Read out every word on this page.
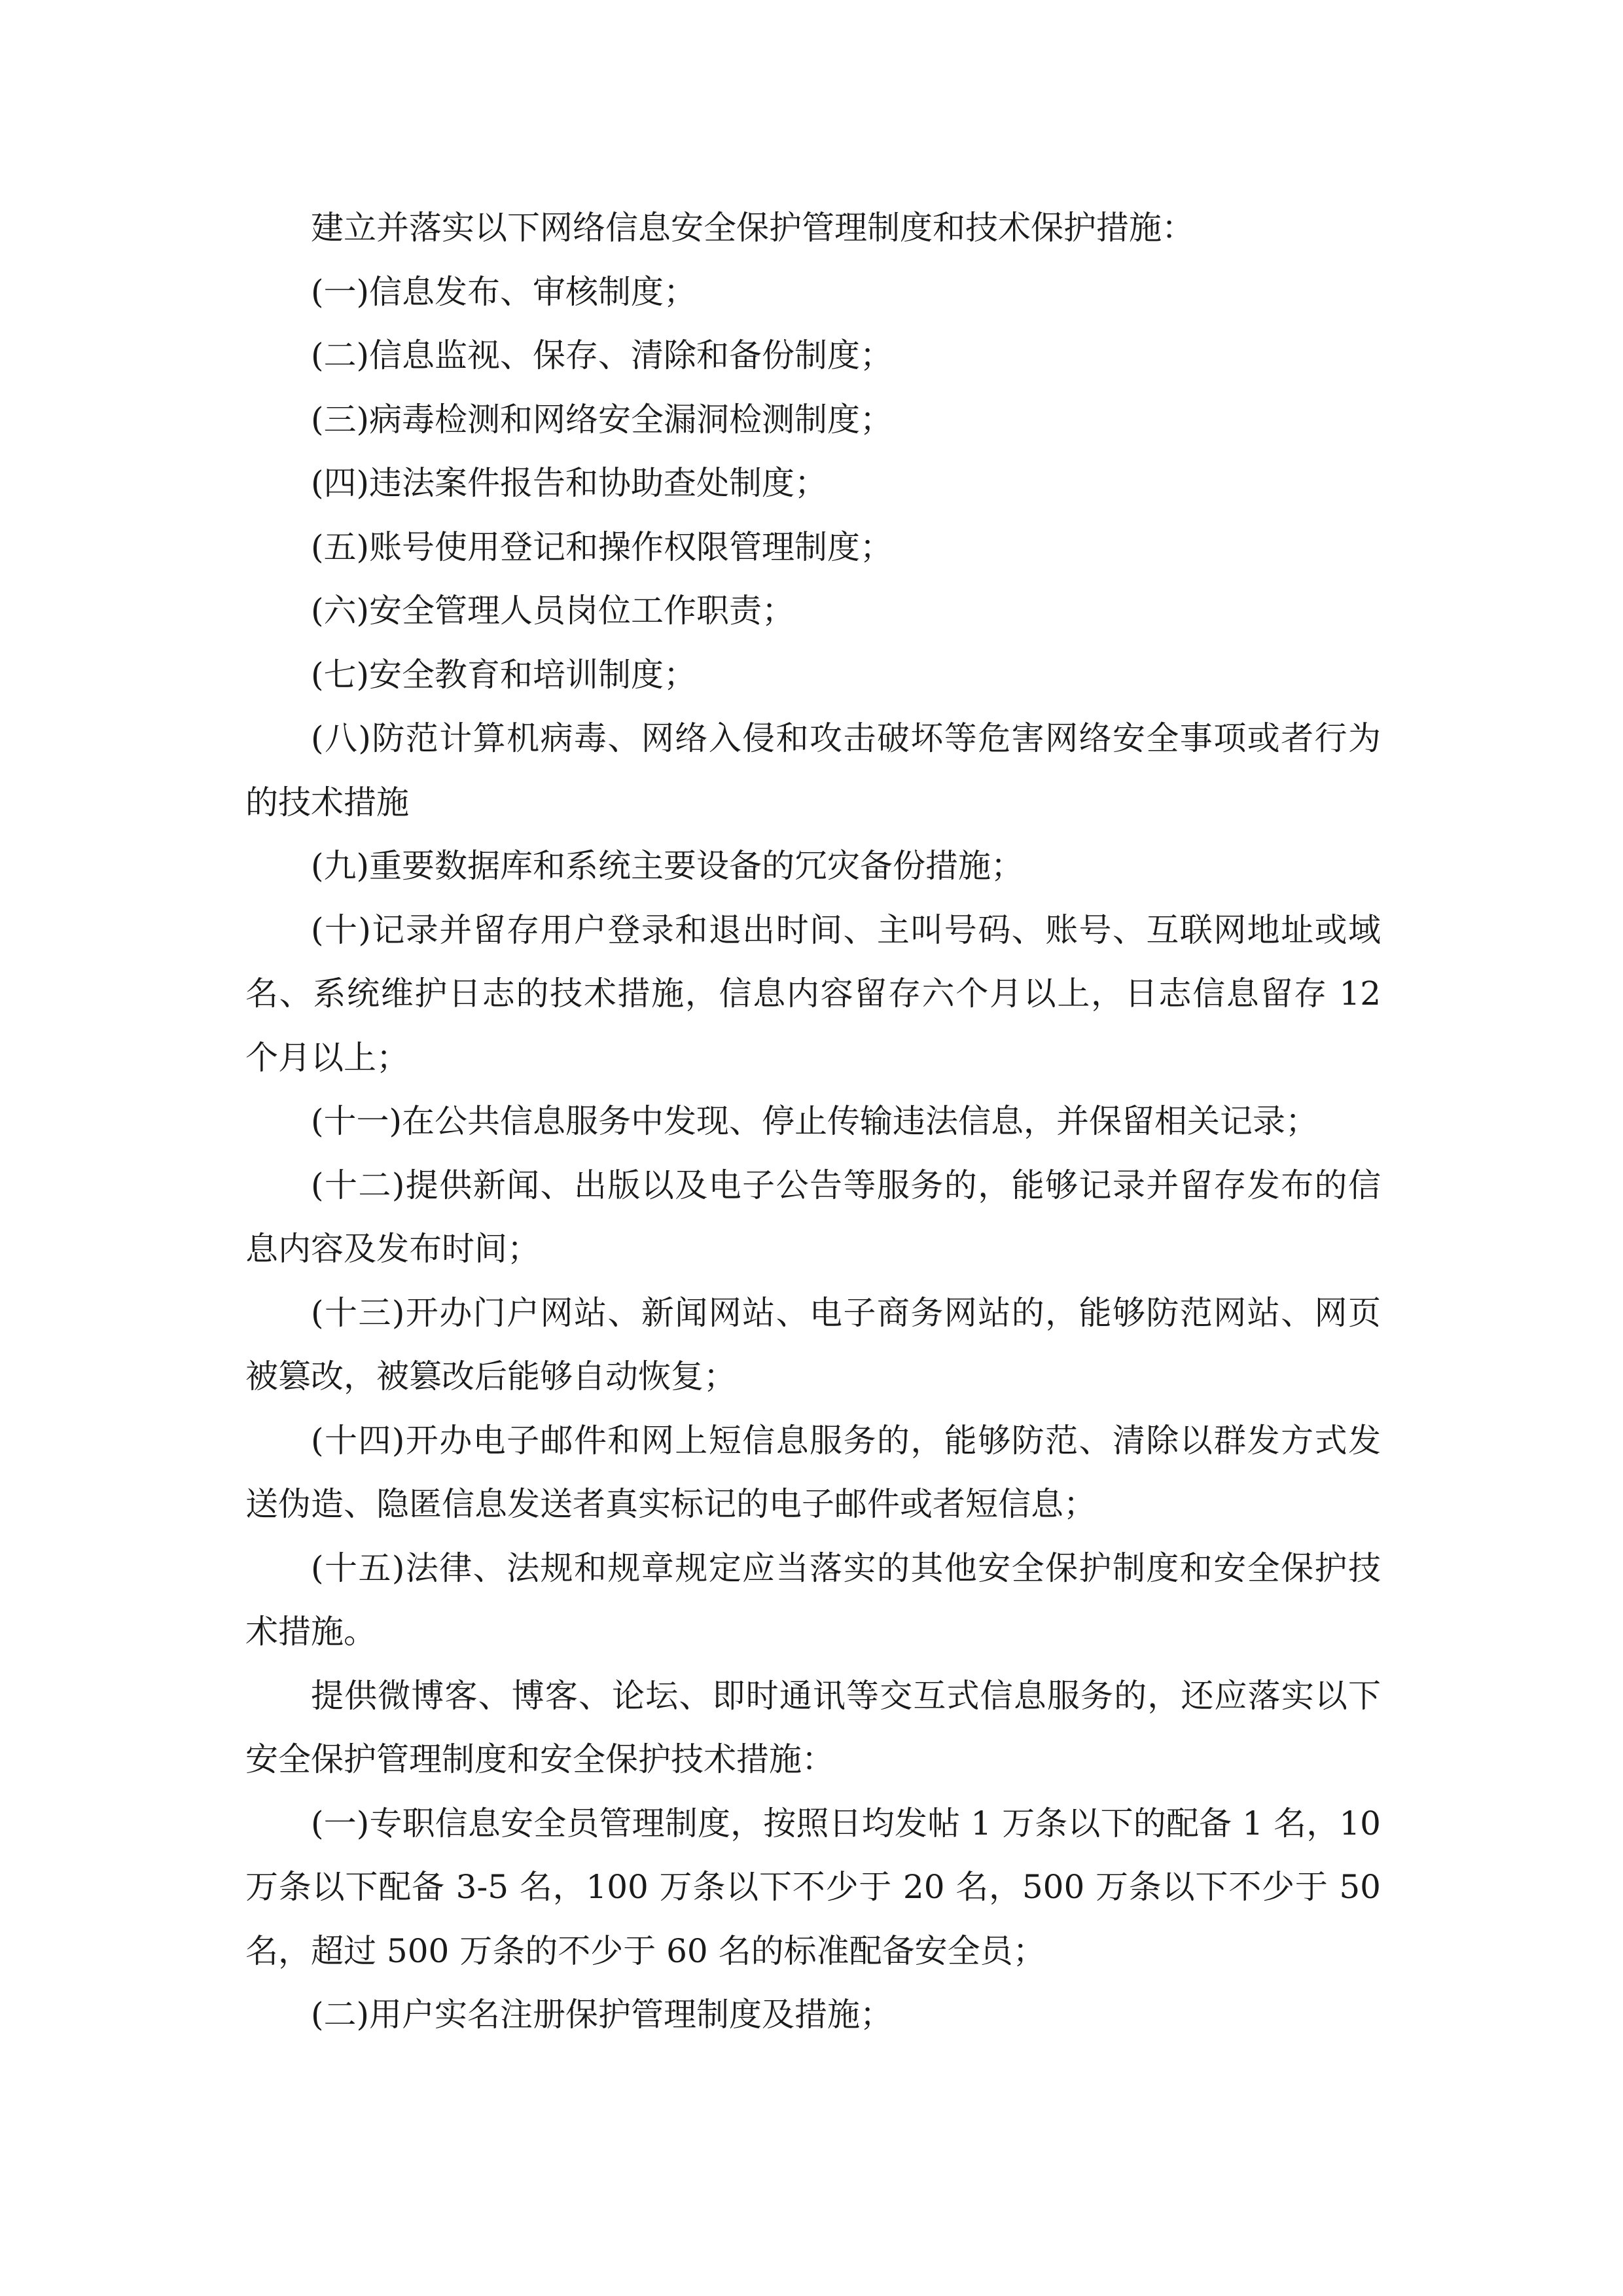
建立并落实以下网络信息安全保护管理制度和技术保护措施：

(一)信息发布、审核制度；

(二)信息监视、保存、清除和备份制度；

(三)病毒检测和网络安全漏洞检测制度；

(四)违法案件报告和协助查处制度；

(五)账号使用登记和操作权限管理制度；

(六)安全管理人员岗位工作职责；

(七)安全教育和培训制度；

(八)防范计算机病毒、网络入侵和攻击破坏等危害网络安全事项或者行为的技术措施

(九)重要数据库和系统主要设备的冗灾备份措施；

(十)记录并留存用户登录和退出时间、主叫号码、账号、互联网地址或域名、系统维护日志的技术措施，信息内容留存六个月以上，日志信息留存 12 个月以上；

(十一)在公共信息服务中发现、停止传输违法信息，并保留相关记录；

(十二)提供新闻、出版以及电子公告等服务的，能够记录并留存发布的信息内容及发布时间；

(十三)开办门户网站、新闻网站、电子商务网站的，能够防范网站、网页被篡改，被篡改后能够自动恢复；

(十四)开办电子邮件和网上短信息服务的，能够防范、清除以群发方式发送伪造、隐匿信息发送者真实标记的电子邮件或者短信息；

(十五)法律、法规和规章规定应当落实的其他安全保护制度和安全保护技术措施。

提供微博客、博客、论坛、即时通讯等交互式信息服务的，还应落实以下安全保护管理制度和安全保护技术措施：

(一)专职信息安全员管理制度，按照日均发帖 1 万条以下的配备 1 名，10 万条以下配备 3-5 名，100 万条以下不少于 20 名，500 万条以下不少于 50 名，超过 500 万条的不少于 60 名的标准配备安全员；

(二)用户实名注册保护管理制度及措施；
